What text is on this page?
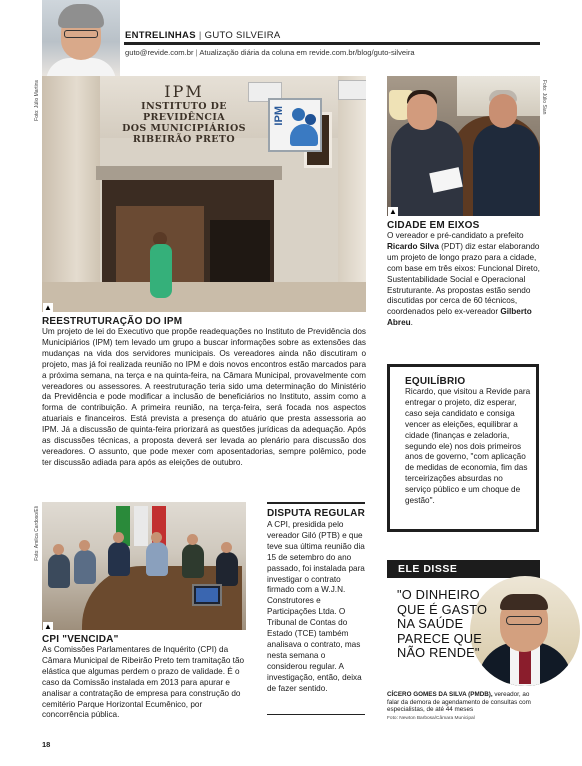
ENTRELINHAS | GUTO SILVEIRA
guto@revide.com.br | Atualização diária da coluna em revide.com.br/blog/guto-silveira
IPM
INSTITUTO DE PREVIDÊNCIA
DOS MUNICIPIÁRIOS
RIBEIRÃO PRETO
IPM
Foto: Júlio Martins
▲
Foto: Júlio Sian
▲
CIDADE EM EIXOS
O vereador e pré-candidato a prefeito Ricardo Silva (PDT) diz estar elaborando um projeto de longo prazo para a cidade, com base em três eixos: Funcional Direto, Sustentabilidade Social e Operacional Estruturante. As propostas estão sendo discutidas por cerca de 60 técnicos, coordenados pelo ex-vereador Gilberto Abreu.
REESTRUTURAÇÃO DO IPM
Um projeto de lei do Executivo que propõe readequações no Instituto de Previdência dos Municipiários (IPM) tem levado um grupo a buscar informações sobre as extensões das mudanças na vida dos servidores municipais. Os vereadores ainda não discutiram o projeto, mas já foi realizada reunião no IPM e dois novos encontros estão marcados para a próxima semana, na terça e na quinta-feira, na Câmara Municipal, provavelmente com vereadores ou assessores. A reestruturação teria sido uma determinação do Ministério da Previdência e pode modificar a inclusão de beneficiários no Instituto, assim como a forma de contribuição. A primeira reunião, na terça-feira, será focada nos aspectos atuariais e financeiros. Está prevista a presença do atuário que presta assessoria ao IPM. Já a discussão de quinta-feira priorizará as questões jurídicas da adequação. Após as discussões técnicas, a proposta deverá ser levada ao plenário para discussão dos vereadores. O assunto, que pode mexer com aposentadorias, sempre polêmico, pode ter discussão adiada para após as eleições de outubro.
EQUILÍBRIO
Ricardo, que visitou a Revide para entregar o projeto, diz esperar, caso seja candidato e consiga vencer as eleições, equilibrar a cidade (finanças e zeladoria, segundo ele) nos dois primeiros anos de governo, "com aplicação de medidas de economia, fim das terceirizações absurdas no serviço público e um choque de gestão".
Foto: Amilca Cardoso/Eli
▲
CPI "VENCIDA"
As Comissões Parlamentares de Inquérito (CPI) da Câmara Municipal de Ribeirão Preto tem tramitação tão elástica que algumas perdem o prazo de validade. É o caso da Comissão instalada em 2013 para apurar e analisar a contratação de empresa para construção do cemitério Parque Horizontal Ecumênico, por concorrência pública.
DISPUTA REGULAR
A CPI, presidida pelo vereador Giló (PTB) e que teve sua última reunião dia 15 de setembro do ano passado, foi instalada para investigar o contrato firmado com a W.J.N. Construtores e Participações Ltda. O Tribunal de Contas do Estado (TCE) também analisava o contrato, mas nesta semana o considerou regular. A investigação, então, deixa de fazer sentido.
ELE DISSE
"O DINHEIRO QUE É GASTO NA SAÚDE PARECE QUE NÃO RENDE"
CÍCERO GOMES DA SILVA (PMDB), vereador, ao falar da demora de agendamento de consultas com especialistas, de até 44 meses
Foto: Newton Barbosa/Câmara Municipal
18
